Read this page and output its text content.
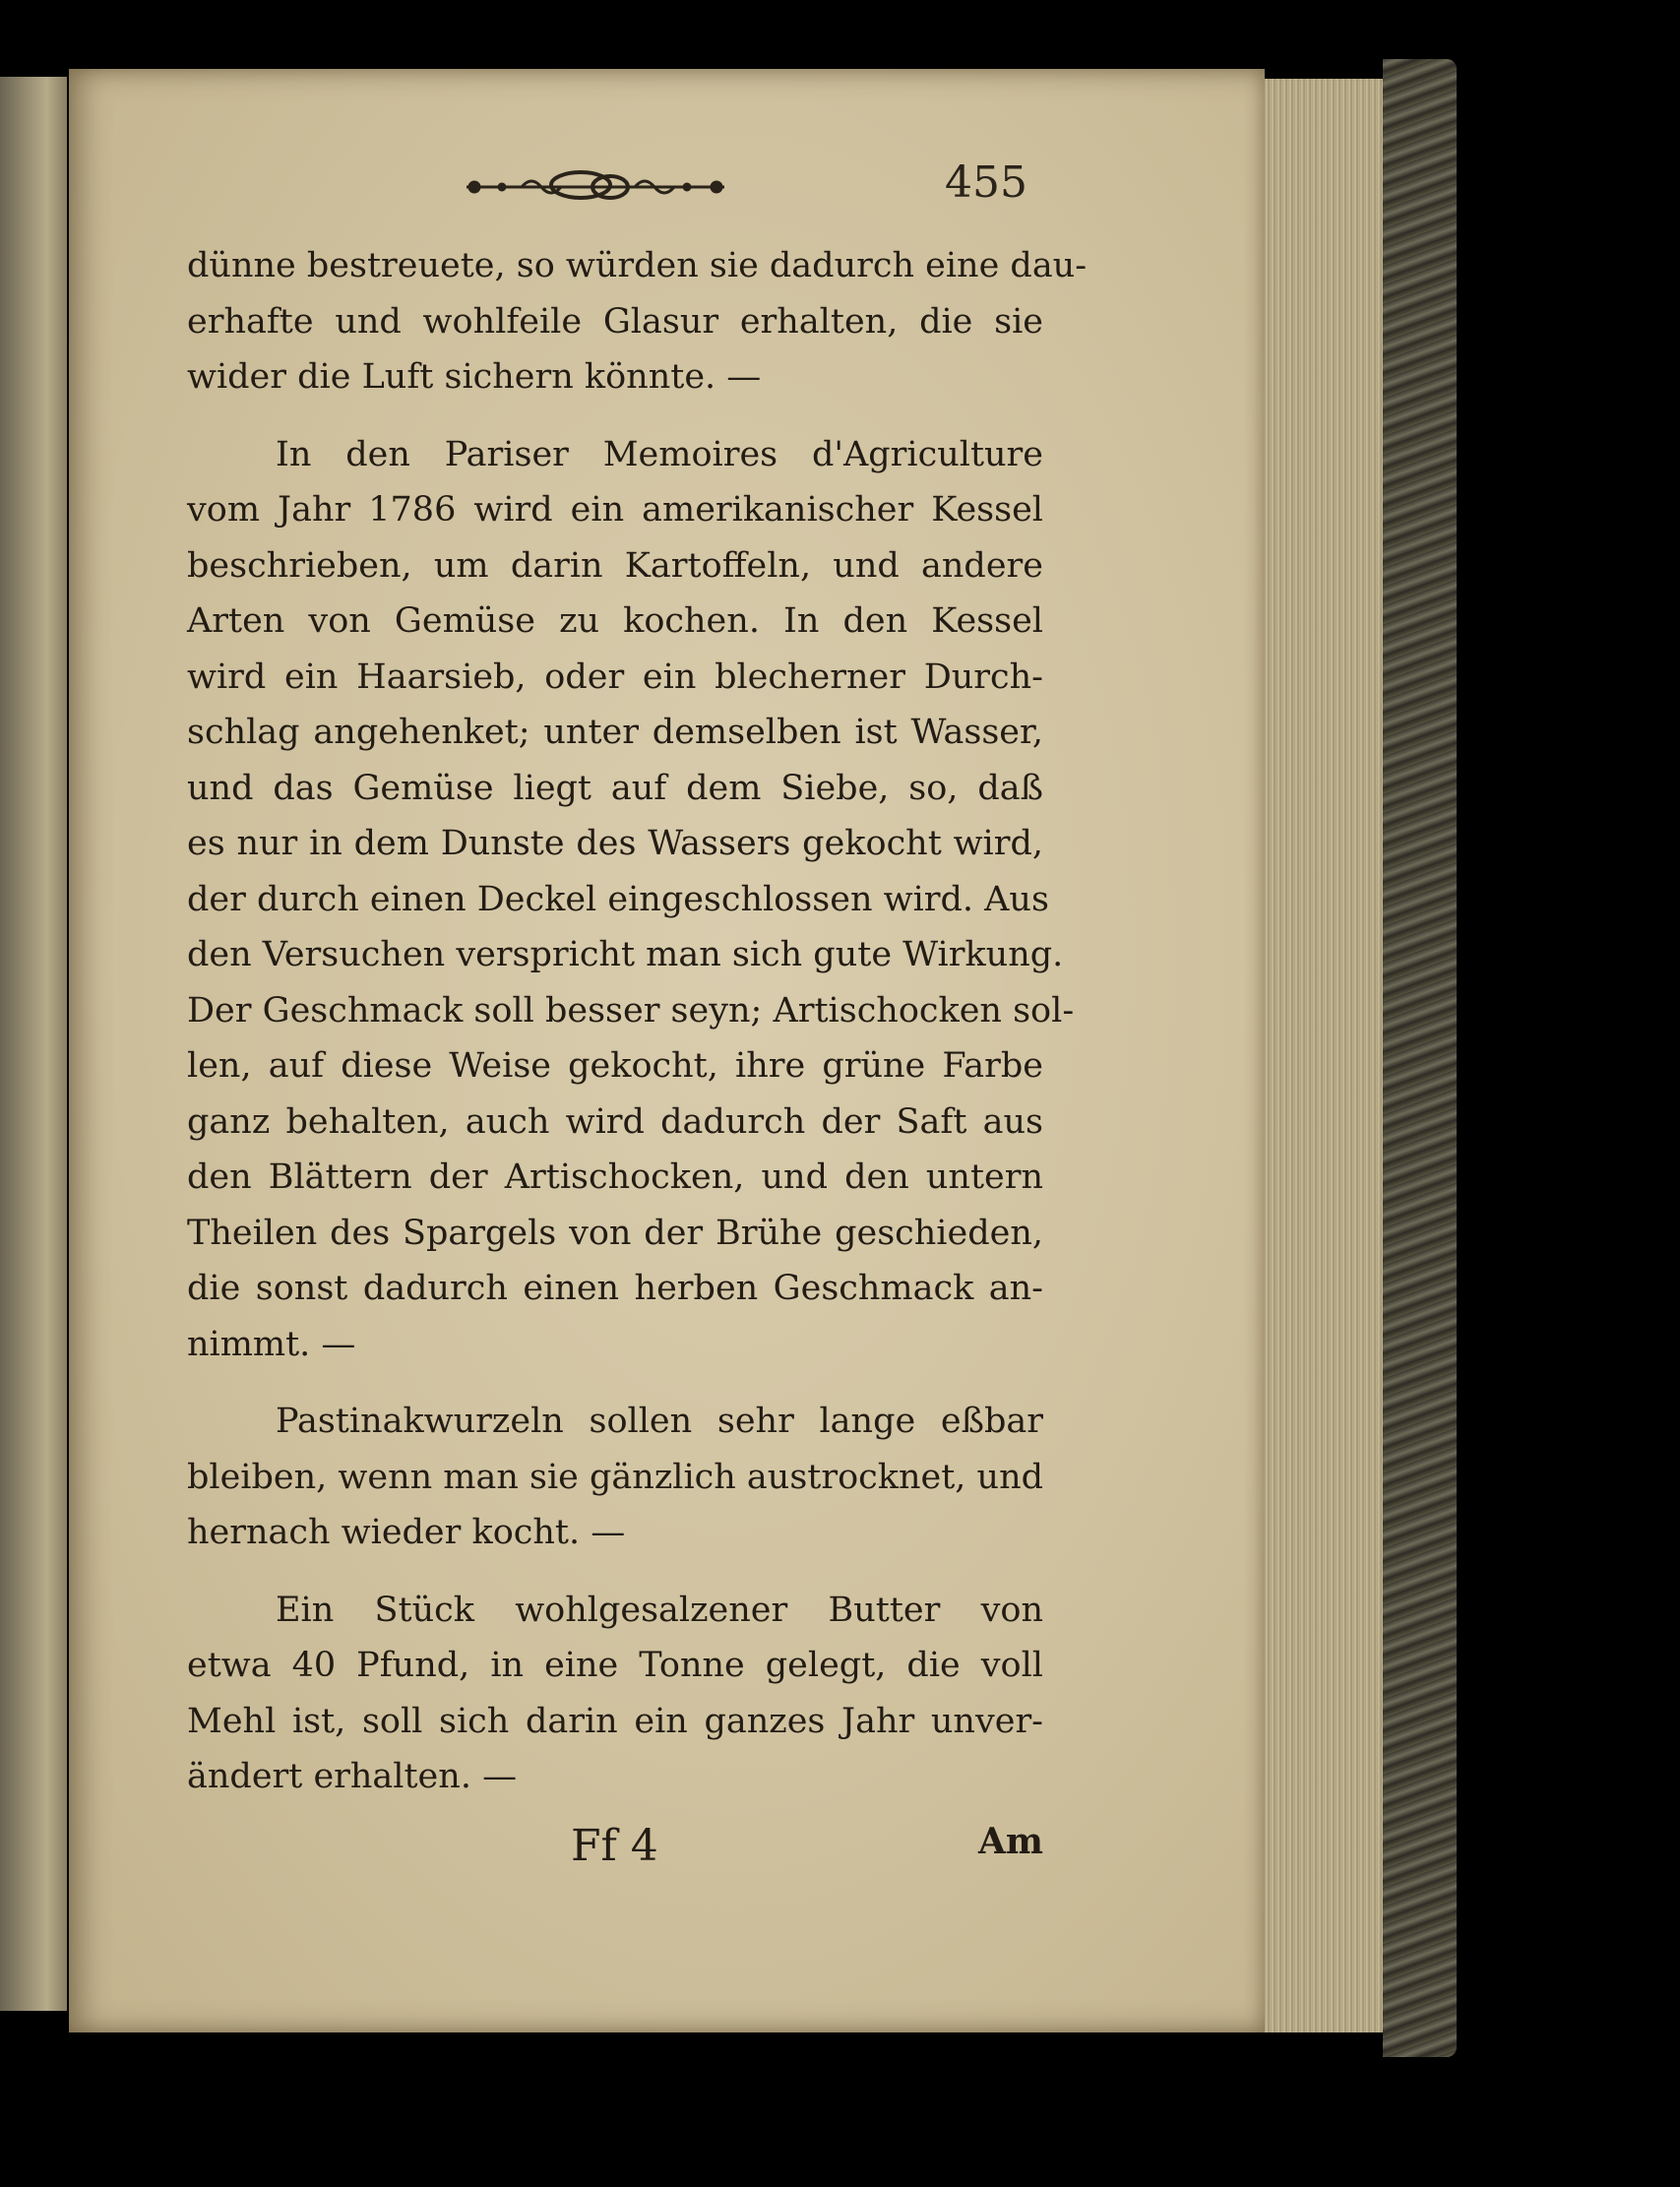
455
dünne bestreuete, so würden sie dadurch eine dau-
erhafte und wohlfeile Glasur erhalten, die sie
wider die Luft sichern könnte. —
In den Pariser Memoires d'Agriculture
vom Jahr 1786 wird ein amerikanischer Kessel
beschrieben, um darin Kartoffeln, und andere
Arten von Gemüse zu kochen. In den Kessel
wird ein Haarsieb, oder ein blecherner Durch-
schlag angehenket; unter demselben ist Wasser,
und das Gemüse liegt auf dem Siebe, so, daß
es nur in dem Dunste des Wassers gekocht wird,
der durch einen Deckel eingeschlossen wird. Aus
den Versuchen verspricht man sich gute Wirkung.
Der Geschmack soll besser seyn; Artischocken sol-
len, auf diese Weise gekocht, ihre grüne Farbe
ganz behalten, auch wird dadurch der Saft aus
den Blättern der Artischocken, und den untern
Theilen des Spargels von der Brühe geschieden,
die sonst dadurch einen herben Geschmack an-
nimmt. —
Pastinakwurzeln sollen sehr lange eßbar
bleiben, wenn man sie gänzlich austrocknet, und
hernach wieder kocht. —
Ein Stück wohlgesalzener Butter von
etwa 40 Pfund, in eine Tonne gelegt, die voll
Mehl ist, soll sich darin ein ganzes Jahr unver-
ändert erhalten. —
Ff 4	Am
